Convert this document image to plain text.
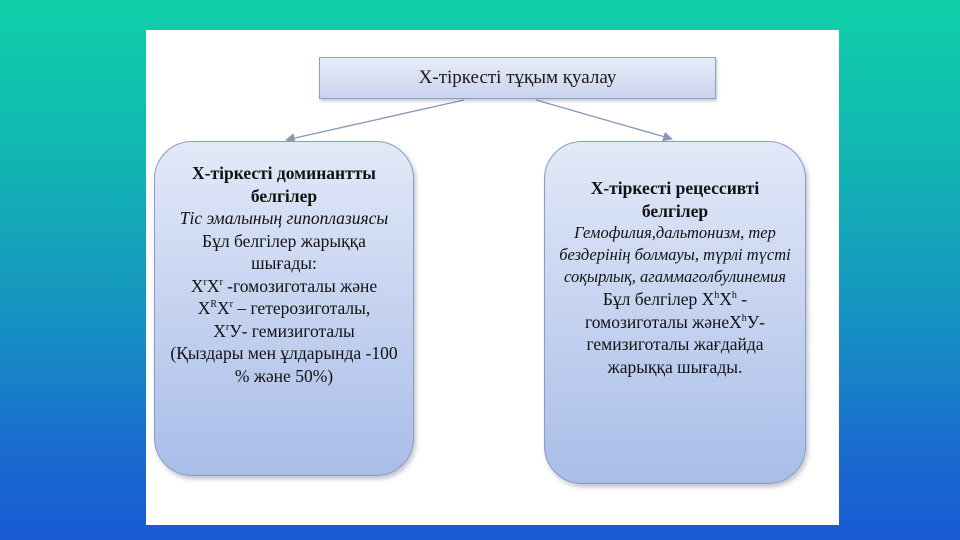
Х-тіркесті тұқым қуалау
Х-тіркесті доминантты белгілер
Тіс эмалының гипоплазиясы
Бұл белгілер жарыққа шығады:
$Х^rХ^r$ -гомозиготалы және
$Х^RХ^r$ – гетерозиготалы,
$Х^rУ-$ гемизиготалы
(Қыздары мен ұлдарында -100 % және 50%)
Х-тіркесті рецессивті белгілер
Гемофилия,дальтонизм, тер бездерінің болмауы, түрлі түсті соқырлық, агаммаголбулинемия
Бұл белгілер $Х^hХ^h$ - гомозиготалы жәнеХ$^h$У- гемизиготалы жағдайда жарыққа шығады.
